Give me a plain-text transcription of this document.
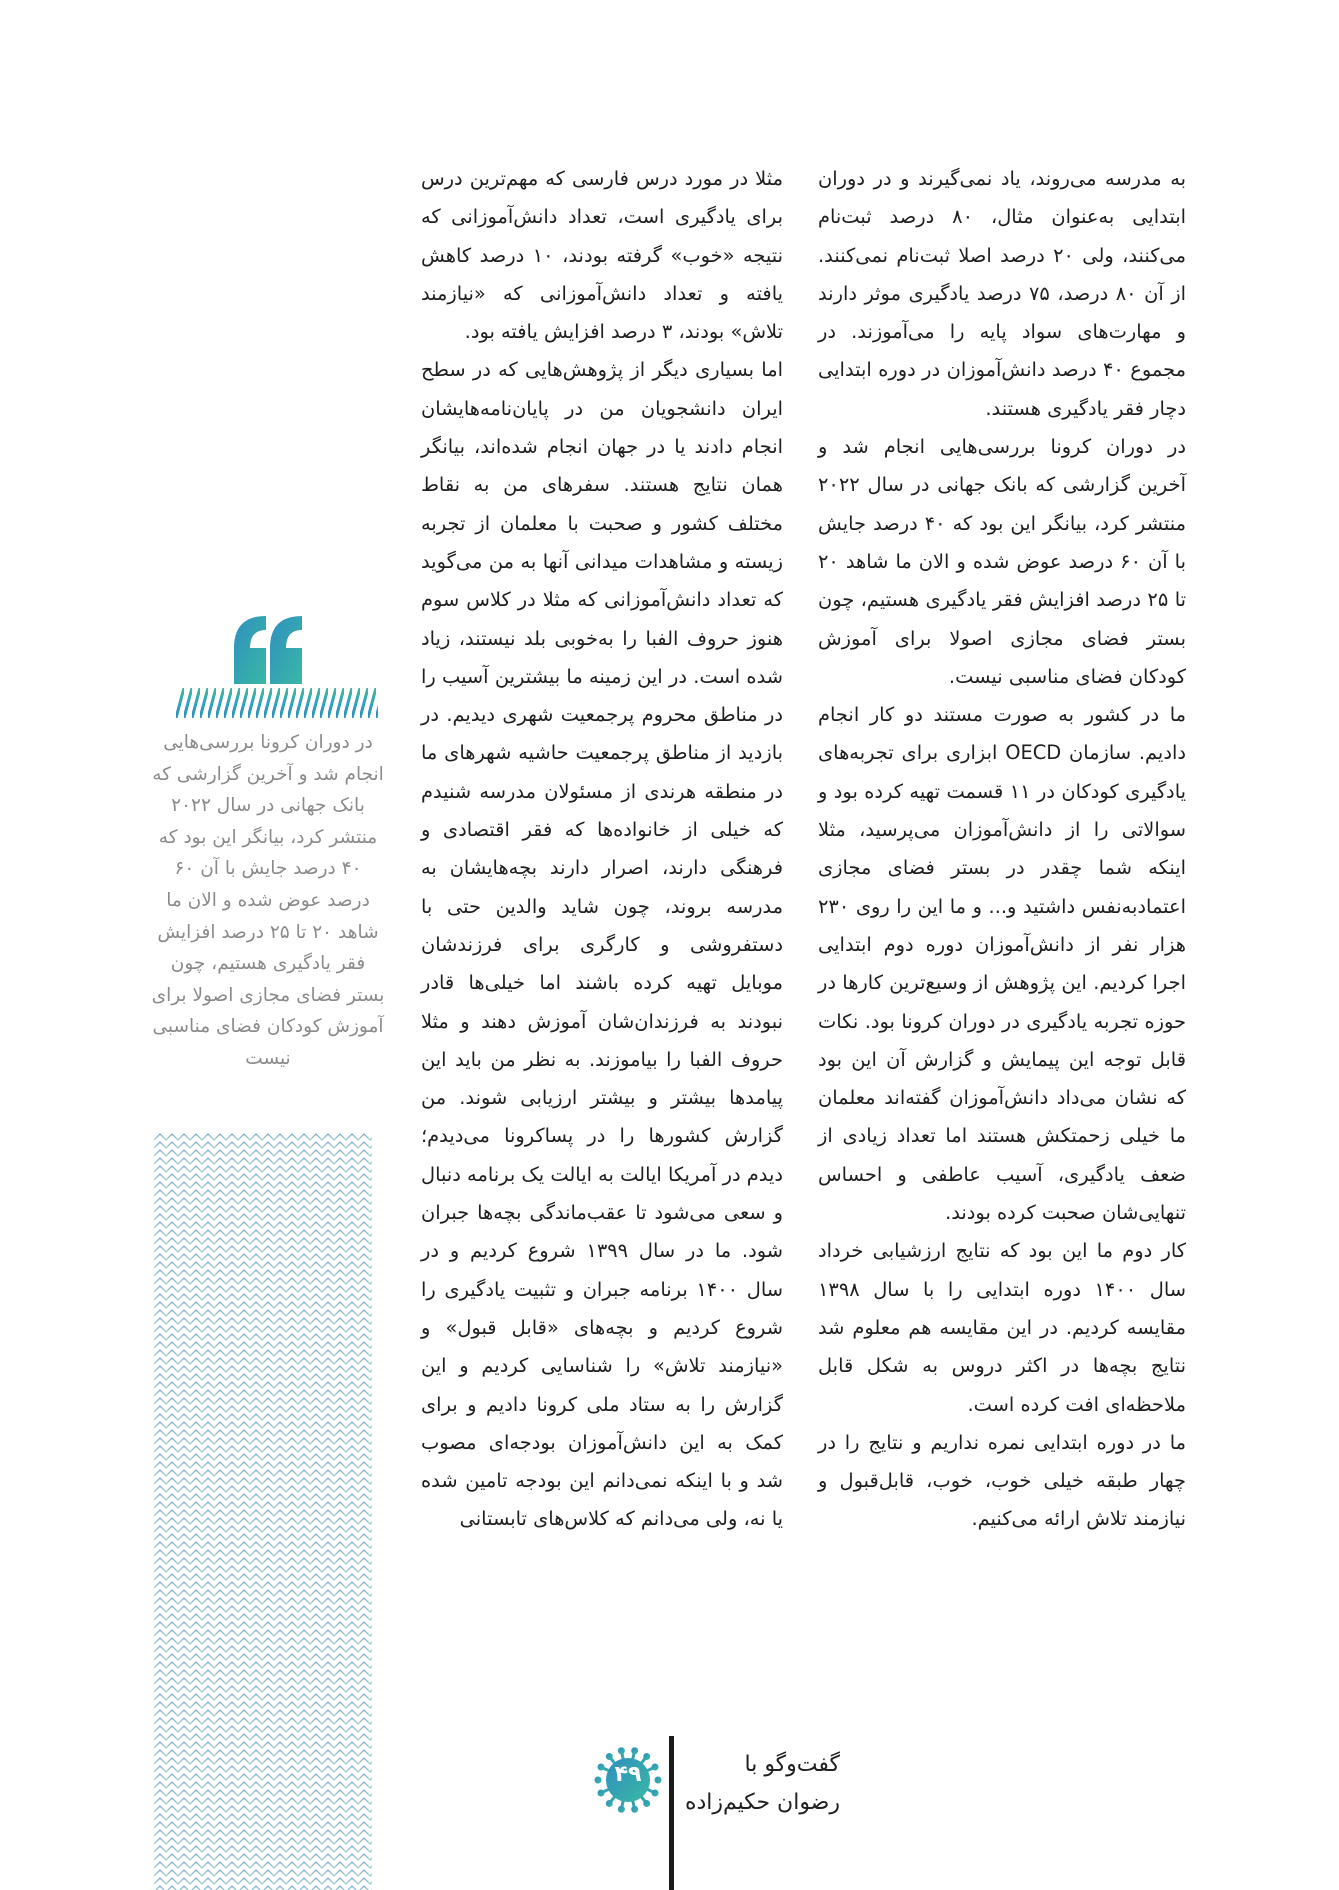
به مدرسه می‌روند، یاد نمی‌گیرند و در دوران ابتدایی به‌عنوان مثال، ۸۰ درصد ثبت‌نام می‌کنند، ولی ۲۰ درصد اصلا ثبت‌نام نمی‌کنند. از آن ۸۰ درصد، ۷۵ درصد یادگیری موثر دارند و مهارت‌های سواد پایه را می‌آموزند. در مجموع ۴۰ درصد دانش‌آموزان در دوره ابتدایی دچار فقر یادگیری هستند.

در دوران کرونا بررسی‌هایی انجام شد و آخرین گزارشی که بانک جهانی در سال ۲۰۲۲ منتشر کرد، بیانگر این بود که ۴۰ درصد جایش با آن ۶۰ درصد عوض شده و الان ما شاهد ۲۰ تا ۲۵ درصد افزایش فقر یادگیری هستیم، چون بستر فضای مجازی اصولا برای آموزش کودکان فضای مناسبی نیست.

ما در کشور به صورت مستند دو کار انجام دادیم. سازمان OECD ابزاری برای تجربه‌های یادگیری کودکان در ۱۱ قسمت تهیه کرده بود و سوالاتی را از دانش‌آموزان می‌پرسید، مثلا اینکه شما چقدر در بستر فضای مجازی اعتمادبه‌نفس داشتید و... و ما این را روی ۲۳۰ هزار نفر از دانش‌آموزان دوره دوم ابتدایی اجرا کردیم. این پژوهش از وسیع‌ترین کارها در حوزه تجربه یادگیری در دوران کرونا بود. نکات قابل توجه این پیمایش و گزارش آن این بود که نشان می‌داد دانش‌آموزان گفته‌اند معلمان ما خیلی زحمتکش هستند اما تعداد زیادی از ضعف یادگیری، آسیب عاطفی و احساس تنهایی‌شان صحبت کرده بودند.

کار دوم ما این بود که نتایج ارزشیابی خرداد سال ۱۴۰۰ دوره ابتدایی را با سال ۱۳۹۸ مقایسه کردیم. در این مقایسه هم معلوم شد نتایج بچه‌ها در اکثر دروس به شکل قابل ملاحظه‌ای افت کرده است.

ما در دوره ابتدایی نمره نداریم و نتایج را در چهار طبقه خیلی خوب، خوب، قابل‌قبول و نیازمند تلاش ارائه می‌کنیم.

مثلا در مورد درس فارسی که مهم‌ترین درس برای یادگیری است، تعداد دانش‌آموزانی که نتیجه «خوب» گرفته بودند، ۱۰ درصد کاهش یافته و تعداد دانش‌آموزانی که «نیازمند تلاش» بودند، ۳ درصد افزایش یافته بود.

اما بسیاری دیگر از پژوهش‌هایی که در سطح ایران دانشجویان من در پایان‌نامه‌هایشان انجام دادند یا در جهان انجام شده‌اند، بیانگر همان نتایج هستند. سفرهای من به نقاط مختلف کشور و صحبت با معلمان از تجربه زیسته و مشاهدات میدانی آنها به من می‌گوید که تعداد دانش‌آموزانی که مثلا در کلاس سوم هنوز حروف الفبا را به‌خوبی بلد نیستند، زیاد شده است. در این زمینه ما بیشترین آسیب را در مناطق محروم پرجمعیت شهری دیدیم. در بازدید از مناطق پرجمعیت حاشیه شهرهای ما در منطقه هرندی از مسئولان مدرسه شنیدم که خیلی از خانواده‌ها که فقر اقتصادی و فرهنگی دارند، اصرار دارند بچه‌هایشان به مدرسه بروند، چون شاید والدین حتی با دستفروشی و کارگری برای فرزندشان موبایل تهیه کرده باشند اما خیلی‌ها قادر نبودند به فرزندان‌شان آموزش دهند و مثلا حروف الفبا را بیاموزند. به نظر من باید این پیامدها بیشتر و بیشتر ارزیابی شوند. من گزارش کشورها را در پساکرونا می‌دیدم؛ دیدم در آمریکا ایالت به ایالت یک برنامه دنبال و سعی می‌شود تا عقب‌ماندگی بچه‌ها جبران شود. ما در سال ۱۳۹۹ شروع کردیم و در سال ۱۴۰۰ برنامه جبران و تثبیت یادگیری را شروع کردیم و بچه‌های «قابل قبول» و «نیازمند تلاش» را شناسایی کردیم و این گزارش را به ستاد ملی کرونا دادیم و برای کمک به این دانش‌آموزان بودجه‌ای مصوب شد و با اینکه نمی‌دانم این بودجه تامین شده یا نه، ولی می‌دانم که کلاس‌های تابستانی

در دوران کرونا بررسی‌هایی انجام شد و آخرین گزارشی که بانک جهانی در سال ۲۰۲۲ منتشر کرد، بیانگر این بود که ۴۰ درصد جایش با آن ۶۰ درصد عوض شده و الان ما شاهد ۲۰ تا ۲۵ درصد افزایش فقر یادگیری هستیم، چون بستر فضای مجازی اصولا برای آموزش کودکان فضای مناسبی نیست
۴۹	گفت‌وگو با
رضوان حکیم‌زاده
